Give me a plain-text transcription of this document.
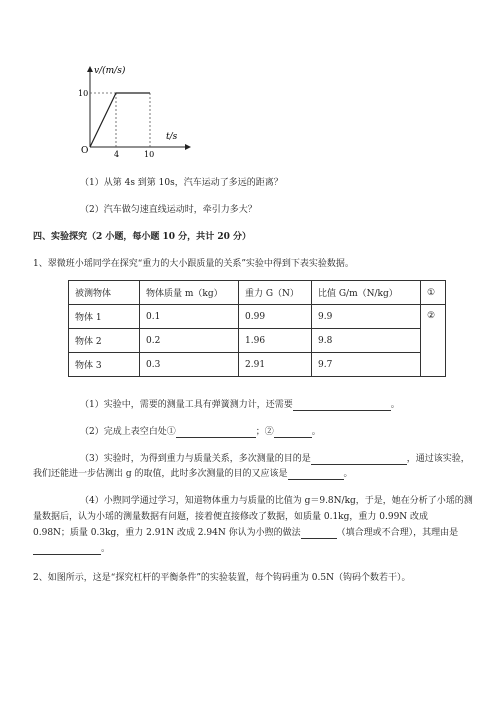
v/(m/s)
t/s
O
10
4	10
（1）从第 4s 到第 10s，汽车运动了多远的距离？
（2）汽车做匀速直线运动时，牵引力多大？
四、实验探究（2 小题，每小题 10 分，共计 20 分）
1、翠微班小瑶同学在探究“重力的大小跟质量的关系”实验中得到下表实验数据。
被测物体	物体质量 m（kg）	重力 G（N）	比值 G/m（N/kg）	①
物体 1	0.1	0.99	9.9	②
物体 2	0.2	1.96	9.8	
物体 3	0.3	2.91	9.7	
（1）实验中，需要的测量工具有弹簧测力计，还需要	。
（2）完成上表空白处①	；②	。
（3）实验时，为得到重力与质量关系，多次测量的目的是	，通过该实验，
我们还能进一步估测出 g 的取值，此时多次测量的目的又应该是	。
（4）小煦同学通过学习，知道物体重力与质量的比值为 g＝9.8N/kg，于是，她在分析了小瑶的测
量数据后，认为小瑶的测量数据有问题，接着便直接修改了数据，如质量 0.1kg，重力 0.99N 改成
0.98N；质量 0.3kg，重力 2.91N 改成 2.94N 你认为小煦的做法	（填合理或不合理），其理由是
。
2、如图所示，这是“探究杠杆的平衡条件”的实验装置，每个钩码重为 0.5N（钩码个数若干）。
